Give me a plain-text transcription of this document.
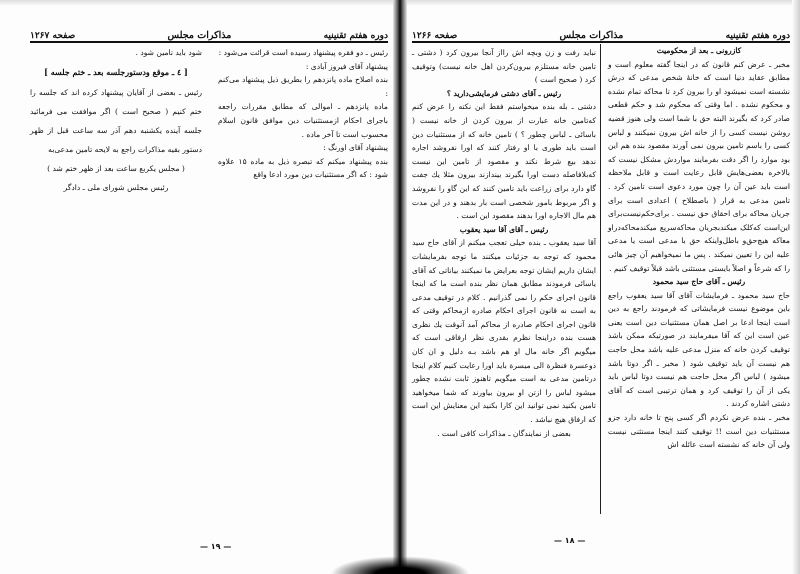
دوره هفتم تقنینیه
مذاکرات مجلس
صفحه ۱۲۶۷

رئیس ـ دو فقره پیشنهاد رسیده است قرائت می‌شود :

پیشنهاد آقای فیروز آبادی :

بنده اصلاح ماده پانزدهم را بطریق ذیل پیشنهاد می‌کنم :

ماده پانزدهم ـ اموالی که مطابق مقررات راجعه باجرای احکام ازمستثنیات دین موافق قانون اسلام محسوب است تا آخر ماده .

پیشنهاد آقای اورنگ :

بنده پیشنهاد میکنم که تبصره ذیل به ماده ۱۵ علاوه شود : که اگر مستثنیات دین مورد ادعا واقع

شود باید تامین شود .

[ ٤ ـ موقع ودستورجلسه بعد ـ ختم جلسه ]

رئیس ـ بعضی از آقایان پیشنهاد کرده اند که جلسه را ختم کنیم ( صحیح است ) اگر موافقت می فرمائید جلسه آینده یکشنبه دهم آذر سه ساعت قبل از ظهر دستور بقیه مذاکرات راجع به لایحه تامین مدعی‌به

( مجلس یکربع ساعت بعد از ظهر ختم شد )

رئیس مجلس شورای ملی ـ دادگر

— ۱۹ —
دوره هفتم تقنینیه
مذاکرات مجلس
صفحه ۱۲۶۶

کازرونی ـ بعد از محکومیت

مخبر ـ عرض کنم قانون که در اینجا گفته معلوم است و مطابق عقاید دنیا است که خانهٔ شخص مدعی که درش نشسته است نمیشود او را بیرون کرد تا محاکه تمام نشده و محکوم نشده . اما وقتی که محکوم شد و حکم قطعی صادر کرد که بگیرند البته حق با شما است ولی هنوز قضیه روشن نیست کسی را از خانه اش بیرون نمیکنند و لباس کسی را باسم تامین بیرون نمی آورند مقصود بنده هم این بود موارد را اگر دقت بفرمایند مواردش مشکل نیست که بالاخره بعضی‌هایش قابل رعایت است و قابل ملاحظه است باید عین آن را چون مورد دعوی است تامین کرد . تامین مدعی به قرار ( باصطلاح ) اعدادی است برای جریان محاکه برای احقاق حق نیست . برای‌حکم‌نیست‌برای این‌است که‌کلک میکند‌بجریان محاکه‌سریع میکندمحاکه‌دراو معاکه هیچ‌حق‌و باطل‌واینکه حق با مدعی است یا مدعی علیه این را تعیین نمیکند . پس ما نمیخواهیم آن چیز هائی را که شرعاً و اصلاً بایستی مستثنی باشد قبلاً توقیف کنیم .

رئیس ـ آقای حاج سید محمود

حاج سید محمود ـ فرمایشات آقای آقا سید یعقوب راجع باین موضوع نیست فرمایشاتی که فرمودند راجع به دین است اینجا ادعا بر اصل همان مستثنیات دین است یعنی عین است این که آقا میفرمایند در صورتیکه ممکن باشد توقیف کردن خانه که منزل مدعی علیه باشد محل حاجت هم نیست آن باید توقیف شود ( مخبر ـ اگر دوتا باشد میشود ) لباس اگر محل حاجت هم نیست دوتا لباس باید یکی از آن را توقیف کرد و همان ترتیبی است که آقای دشتی اشاره کردند .

مخبر ـ بنده عرض نکردم اگر کسی پنج تا خانه دارد جزو مستثنیات دین است !! توقیف کنند اینجا مستثنی نیست ولی آن خانه که نشسته است عائله اش

نباید رفت و زن وبچه اش رااز آنجا بیرون کرد ( دشتی ـ تامین خانه مستلزم بیرون‌کردن اهل خانه نیست) وتوقیف کرد ( صحیح است )

رئیس ـ آقای دشتی فرمایشی‌دارید ؟

دشتی ـ بله بنده میخواستم فقط این نکته را عرض کنم که‌تامین خانه عبارت از بیرون کردن از خانه نیست ( باسائی ـ لباس چطور ؟ ) تامین خانه که از مستثنیات دین است باید طوری با او رفتار کنند که اورا نفروشد اجاره ندهد بیع شرط نکند و مقصود از تامین این نیست که‌بلافاصله دست اورا بگیرند بیندازند بیرون مثلا یك جفت گاو دارد برای زراعت باید تامین کنند که این گاو را نفروشد و اگر مربوط بامور شخصی است بار بدهند و در این مدت هم مال الاجاره اورا بدهند مقصود این است .

رئیس ـ آقای آقا سید یعقوب

آقا سید یعقوب ـ بنده خیلی تعجب میکنم از آقای حاج سید محمود که توجه به جزئیات میکنند ما توجه بفرمایشات ایشان داریم ایشان توجه بعرایض ما نمیکنند بیاناتی که آقای یاسائی فرمودند مطابق همان نظر بنده است ما که اینجا قانون اجرای حکم را نمی گذرانیم . کلام در توقیف مدعی به است نه قانون اجرای احکام صادره ازمحاکم وقتی که قانون اجرای احکام صادره از محاکم آمد آنوقت یك نظری هست بنده دراینجا نظرم بقدری نظر ارفاقی است که میگویم اگر خانه مال او هم باشد بـه دلیل و ان کان ذوعسرة فنظرة الی میسرة باید اورا رعایت کنیم کلام اینجا درتامین مدعی به است میگویم تاهنوز ثابت نشده چطور میشود لباس را ازتن او بیرون بیاورند که شما میخواهید تامین بکنید نمی توانید این کارا بکنید این معنایش این است که ارفاق هیچ نباشد .

بعضی از نمایندگان ـ مذاکرات کافی است .

— ۱۸ —
